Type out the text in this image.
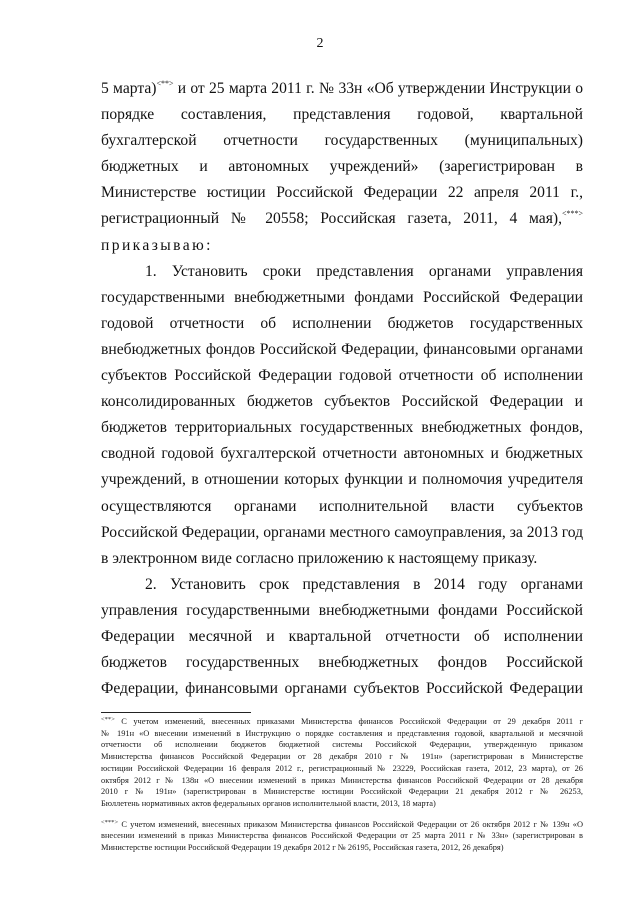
2
5 марта)<**> и от 25 марта 2011 г. № 33н «Об утверждении Инструкции о
порядке составления, представления годовой, квартальной
бухгалтерской отчетности государственных (муниципальных)
бюджетных и автономных учреждений» (зарегистрирован в
Министерстве юстиции Российской Федерации 22 апреля 2011 г.,
регистрационный № 20558; Российская газета, 2011, 4 мая),<***>
приказываю:
1. Установить сроки представления органами управления
государственными внебюджетными фондами Российской Федерации
годовой отчетности об исполнении бюджетов государственных
внебюджетных фондов Российской Федерации, финансовыми органами
субъектов Российской Федерации годовой отчетности об исполнении
консолидированных бюджетов субъектов Российской Федерации и
бюджетов территориальных государственных внебюджетных фондов,
сводной годовой бухгалтерской отчетности автономных и бюджетных
учреждений, в отношении которых функции и полномочия учредителя
осуществляются органами исполнительной власти субъектов
Российской Федерации, органами местного самоуправления, за 2013 год
в электронном виде согласно приложению к настоящему приказу.
2. Установить срок представления в 2014 году органами
управления государственными внебюджетными фондами Российской
Федерации месячной и квартальной отчетности об исполнении
бюджетов государственных внебюджетных фондов Российской
Федерации, финансовыми органами субъектов Российской Федерации
<**> С учетом изменений, внесенных приказами Министерства финансов Российской Федерации от 29 декабря 2011 г
№ 191н «О внесении изменений в Инструкцию о порядке составления и представления годовой, квартальной и месячной
отчетности об исполнении бюджетов бюджетной системы Российской Федерации, утвержденную приказом
Министерства финансов Российской Федерации от 28 декабря 2010 г № 191н» (зарегистрирован в Министерстве
юстиции Российской Федерации 16 февраля 2012 г., регистрационный № 23229, Российская газета, 2012, 23 марта), от 26
октября 2012 г № 138н «О внесении изменений в приказ Министерства финансов Российской Федерации от 28 декабря
2010 г № 191н» (зарегистрирован в Министерстве юстиции Российской Федерации 21 декабря 2012 г № 26253,
Бюллетень нормативных актов федеральных органов исполнительной власти, 2013, 18 марта)
<***> С учетом изменений, внесенных приказом Министерства финансов Российской Федерации от 26 октября 2012 г № 139н «О
внесении изменений в приказ Министерства финансов Российской Федерации от 25 марта 2011 г № 33н» (зарегистрирован в
Министерстве юстиции Российской Федерации 19 декабря 2012 г № 26195, Российская газета, 2012, 26 декабря)
